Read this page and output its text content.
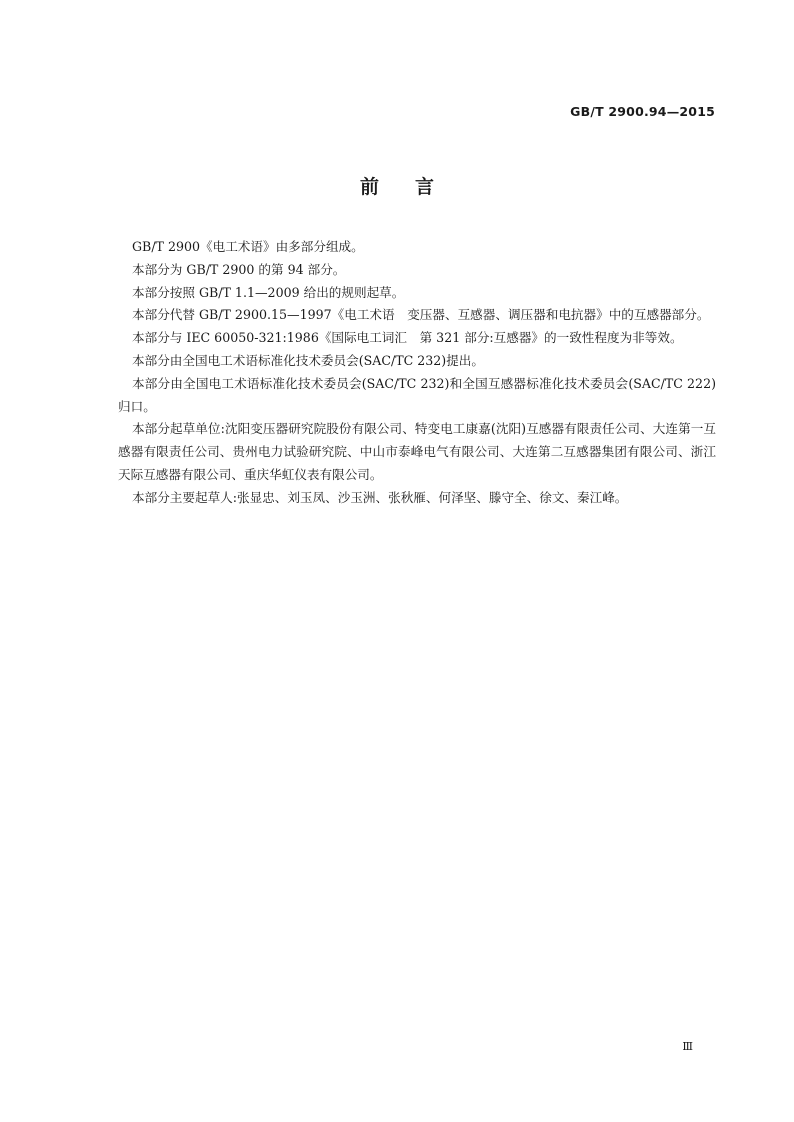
GB/T 2900.94—2015
前言

GB/T 2900《电工术语》由多部分组成。

本部分为 GB/T 2900 的第 94 部分。

本部分按照 GB/T 1.1—2009 给出的规则起草。

本部分代替 GB/T 2900.15—1997《电工术语　变压器、互感器、调压器和电抗器》中的互感器部分。

本部分与 IEC 60050-321:1986《国际电工词汇　第 321 部分:互感器》的一致性程度为非等效。

本部分由全国电工术语标准化技术委员会(SAC/TC 232)提出。

本部分由全国电工术语标准化技术委员会(SAC/TC 232)和全国互感器标准化技术委员会(SAC/TC 222)归口。

本部分起草单位:沈阳变压器研究院股份有限公司、特变电工康嘉(沈阳)互感器有限责任公司、大连第一互感器有限责任公司、贵州电力试验研究院、中山市泰峰电气有限公司、大连第二互感器集团有限公司、浙江天际互感器有限公司、重庆华虹仪表有限公司。

本部分主要起草人:张显忠、刘玉凤、沙玉洲、张秋雁、何泽坚、滕守全、徐文、秦江峰。

Ⅲ
